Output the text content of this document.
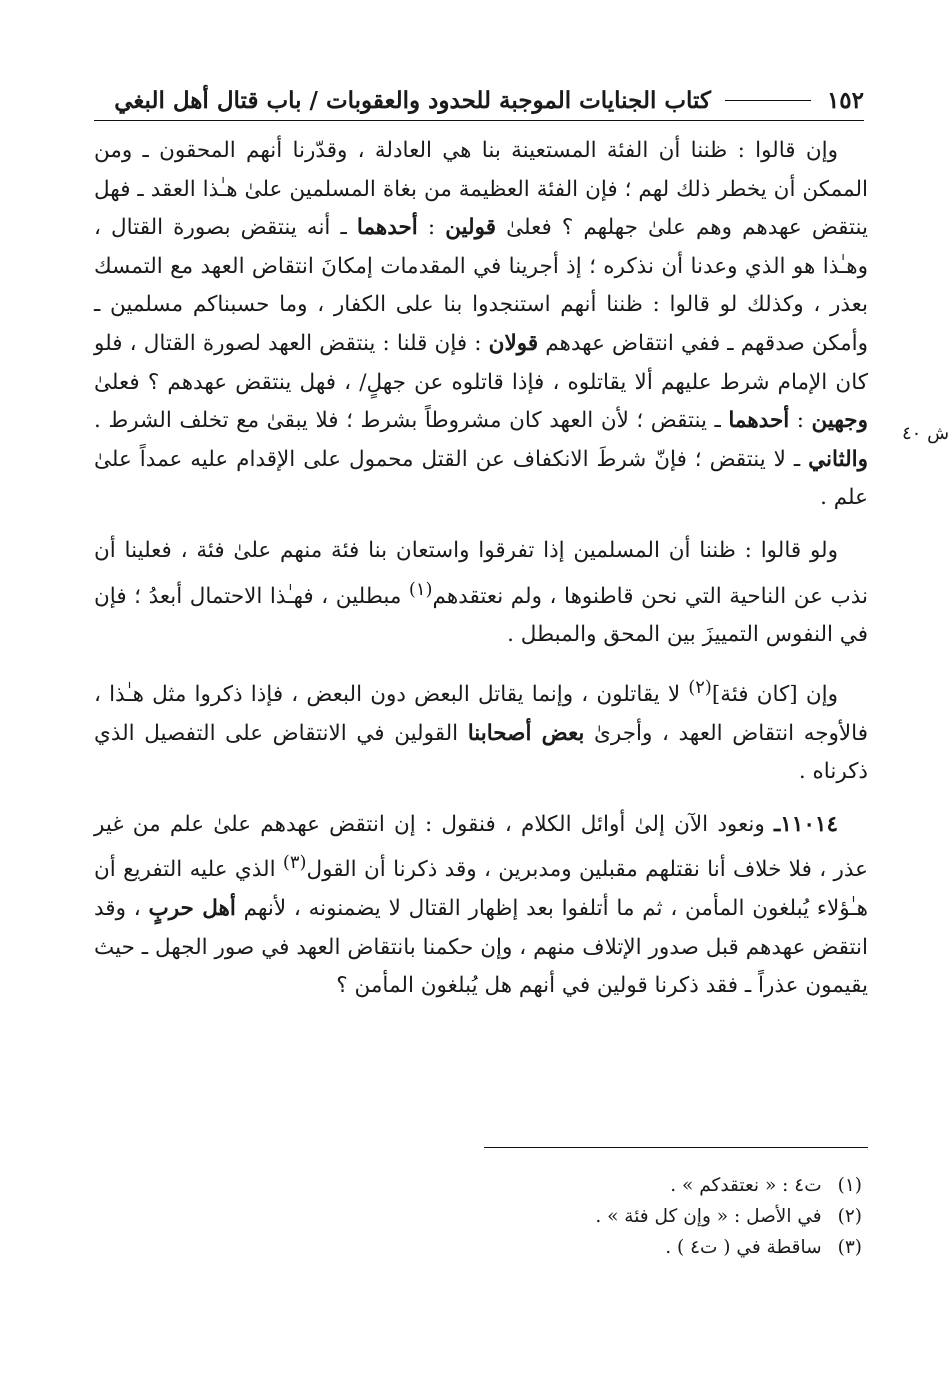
١٥٢
كتاب الجنايات الموجبة للحدود والعقوبات / باب قتال أهل البغي
ش ٤٠

وإن قالوا : ظننا أن الفئة المستعينة بنا هي العادلة ، وقدّرنا أنهم المحقون ـ ومن الممكن أن يخطر ذلك لهم ؛ فإن الفئة العظيمة من بغاة المسلمين علىٰ هـٰذا العقد ـ فهل ينتقض عهدهم وهم علىٰ جهلهم ؟ فعلىٰ قولين : أحدهما ـ أنه ينتقض بصورة القتال ، وهـٰذا هو الذي وعدنا أن نذكره ؛ إذ أجرينا في المقدمات إمكانَ انتقاض العهد مع التمسك بعذر ، وكذلك لو قالوا : ظننا أنهم استنجدوا بنا على الكفار ، وما حسبناكم مسلمين ـ وأمكن صدقهم ـ ففي انتقاض عهدهم قولان : فإن قلنا : ينتقض العهد لصورة القتال ، فلو كان الإمام شرط عليهم ألا يقاتلوه ، فإذا قاتلوه عن جهلٍ/ ، فهل ينتقض عهدهم ؟ فعلىٰ وجهين : أحدهما ـ ينتقض ؛ لأن العهد كان مشروطاً بشرط ؛ فلا يبقىٰ مع تخلف الشرط . والثاني ـ لا ينتقض ؛ فإنّ شرطَ الانكفاف عن القتل محمول على الإقدام عليه عمداً علىٰ علم .

ولو قالوا : ظننا أن المسلمين إذا تفرقوا واستعان بنا فئة منهم علىٰ فئة ، فعلينا أن نذب عن الناحية التي نحن قاطنوها ، ولم نعتقدهم$^{(١)}$ مبطلين ، فهـٰذا الاحتمال أبعدُ ؛ فإن في النفوس التمييزَ بين المحق والمبطل .

وإن [كان فئة]$^{(٢)}$ لا يقاتلون ، وإنما يقاتل البعض دون البعض ، فإذا ذكروا مثل هـٰذا ، فالأوجه انتقاض العهد ، وأجرىٰ بعض أصحابنا القولين في الانتقاض على التفصيل الذي ذكرناه .

١١٠١٤ـ ونعود الآن إلىٰ أوائل الكلام ، فنقول : إن انتقض عهدهم علىٰ علم من غير عذر ، فلا خلاف أنا نقتلهم مقبلين ومدبرين ، وقد ذكرنا أن القول$^{(٣)}$ الذي عليه التفريع أن هـٰؤلاء يُبلغون المأمن ، ثم ما أتلفوا بعد إظهار القتال لا يضمنونه ، لأنهم أهل حربٍ ، وقد انتقض عهدهم قبل صدور الإتلاف منهم ، وإن حكمنا بانتقاض العهد في صور الجهل ـ حيث يقيمون عذراً ـ فقد ذكرنا قولين في أنهم هل يُبلغون المأمن ؟

(١)
ت٤ : « نعتقدكم » .
(٢)
في الأصل : « وإن كل فئة » .
(٣)
ساقطة في ( ت٤ ) .
